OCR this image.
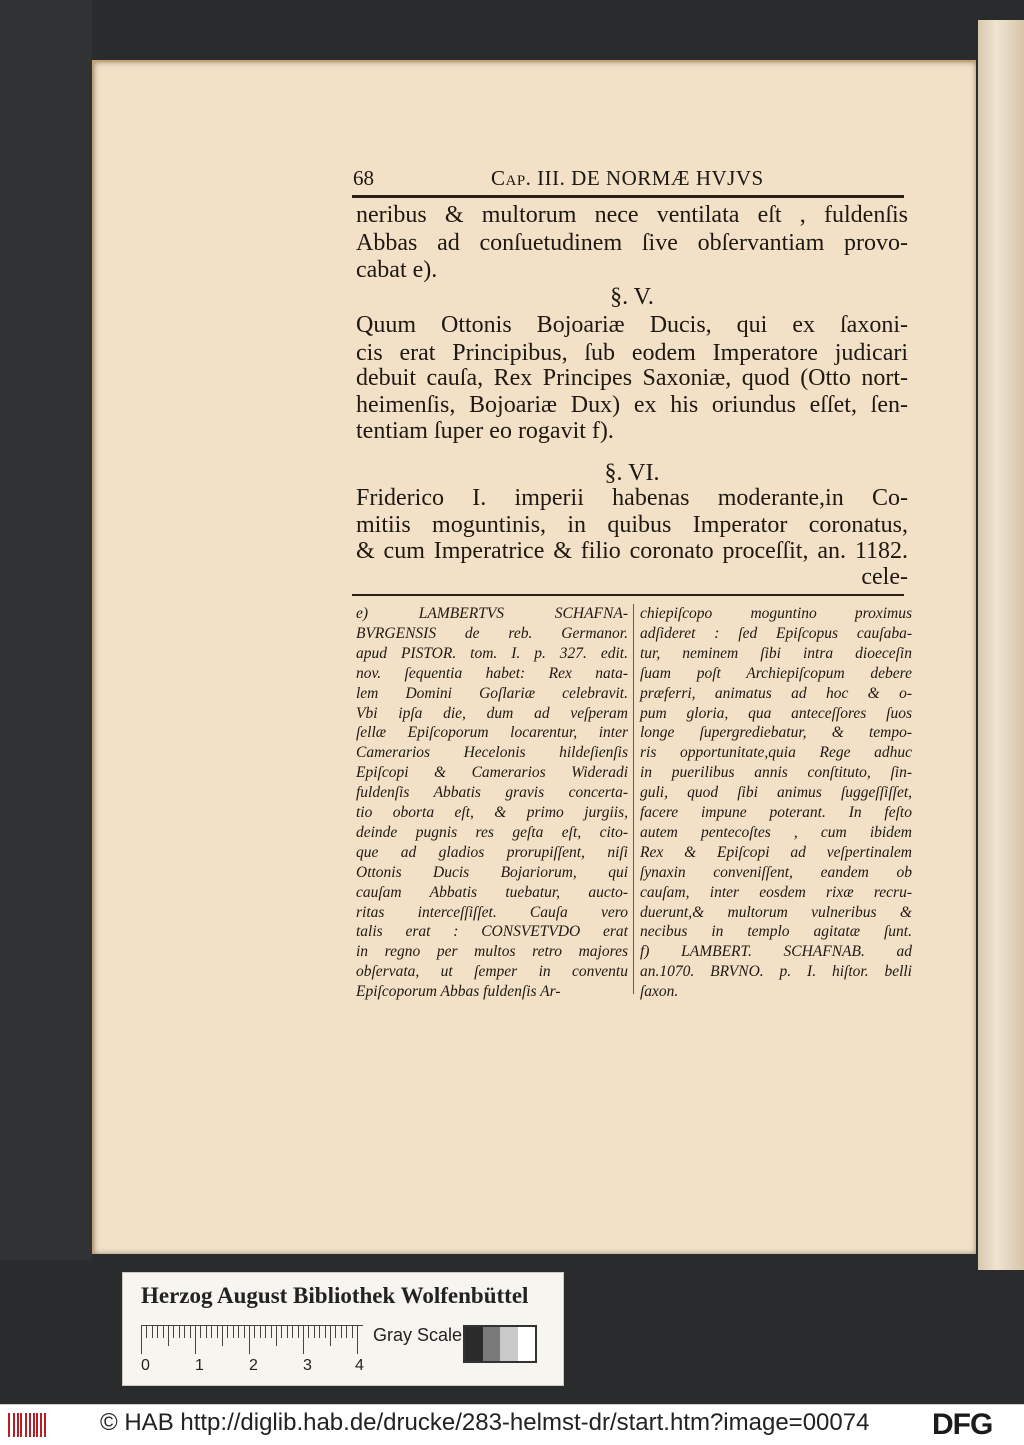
68	Cap. III. DE NORMÆ HVJVS
neribus & multorum nece ventilata eſt , fuldenſis
Abbas ad conſuetudinem ſive obſervantiam provo-
cabat e).
§. V.
Quum Ottonis Bojoariæ Ducis, qui ex ſaxoni-
cis erat Principibus, ſub eodem Imperatore judicari
debuit cauſa, Rex Principes Saxoniæ, quod (Otto nort-
heimenſis, Bojoariæ Dux) ex his oriundus eſſet, ſen-
tentiam ſuper eo rogavit f).
§. VI.
Friderico I. imperii habenas moderante,in Co-
mitiis moguntinis, in quibus Imperator coronatus,
& cum Imperatrice & filio coronato proceſſit, an. 1182.
cele-
e) LAMBERTVS SCHAFNA-
BVRGENSIS de reb. Germanor.
apud PISTOR. tom. I. p. 327. edit.
nov. ſequentia habet: Rex nata-
lem Domini Goſlariæ celebravit.
Vbi ipſa die, dum ad veſperam
ſellæ Epiſcoporum locarentur, inter
Camerarios Hecelonis hildeſienſis
Epiſcopi & Camerarios Wideradi
fuldenſis Abbatis gravis concerta-
tio oborta eſt, & primo jurgiis,
deinde pugnis res geſta eſt, cito-
que ad gladios prorupiſſent, niſi
Ottonis Ducis Bojariorum, qui
cauſam Abbatis tuebatur, aucto-
ritas interceſſiſſet. Cauſa vero
talis erat : CONSVETVDO erat
in regno per multos retro majores
obſervata, ut ſemper in conventu
Epiſcoporum Abbas fuldenſis Ar-
chiepiſcopo moguntino proximus
adſideret : ſed Epiſcopus cauſaba-
tur, neminem ſibi intra dioeceſin
ſuam poſt Archiepiſcopum debere
præferri, animatus ad hoc & o-
pum gloria, qua anteceſſores ſuos
longe ſupergrediebatur, & tempo-
ris opportunitate,quia Rege adhuc
in puerilibus annis conſtituto, ſin-
guli, quod ſibi animus ſuggeſſiſſet,
facere impune poterant. In feſto
autem pentecoſtes , cum ibidem
Rex & Epiſcopi ad veſpertinalem
ſynaxin conveniſſent, eandem ob
cauſam, inter eosdem rixæ recru-
duerunt,& multorum vulneribus &
necibus in templo agitatæ ſunt.
f) LAMBERT. SCHAFNAB. ad
an.1070. BRVNO. p. I. hiſtor. belli
ſaxon.
Herzog August Bibliothek Wolfenbüttel
0	1	2	3	4
Gray Scale
© HAB http://diglib.hab.de/drucke/283-helmst-dr/start.htm?image=00074 DFG
